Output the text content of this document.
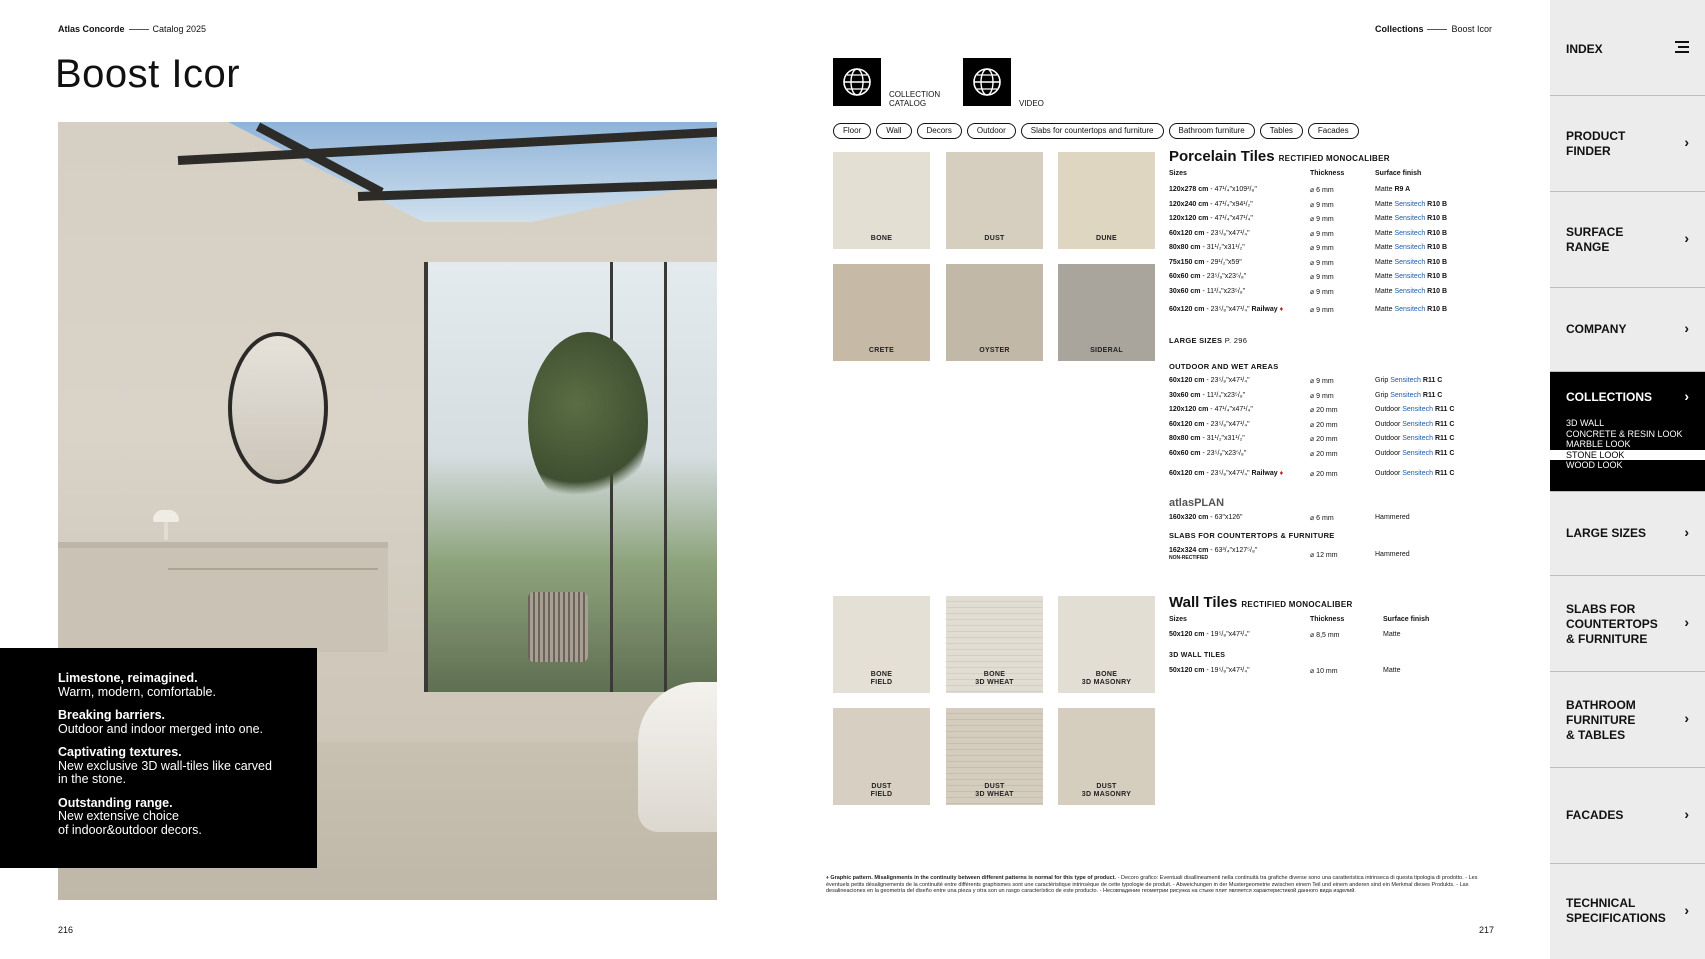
Atlas Concorde	Catalog 2025
Boost Icor
Limestone, reimagined.
Warm, modern, comfortable.
Breaking barriers.
Outdoor and indoor merged into one.
Captivating textures.
New exclusive 3D wall-tiles like carved
in the stone.
Outstanding range.
New extensive choice
of indoor&outdoor decors.
216
Collections	Boost Icor
COLLECTION
CATALOG	VIDEO
Floor	Wall	Decors	Outdoor	Slabs for countertops and furniture	Bathroom furniture	Tables	Facades
BONE	DUST	DUNE
CRETE	OYSTER	SIDERAL
BONE
FIELD
BONE
3D WHEAT
BONE
3D MASONRY
DUST
FIELD
DUST
3D WHEAT
DUST
3D MASONRY
Porcelain Tiles RECTIFIED MONOCALIBER
Sizes	Thickness	Surface finish
120x278 cm - 47¹/₄"x109³/₈"	⌀ 6 mm	Matte R9 A
120x240 cm - 47¹/₄"x94¹/₂"	⌀ 9 mm	Matte Sensitech R10 B
120x120 cm - 47¹/₄"x47¹/₄"	⌀ 9 mm	Matte Sensitech R10 B
60x120 cm - 23⁵/₈"x47¹/₄"	⌀ 9 mm	Matte Sensitech R10 B
80x80 cm - 31¹/₂"x31¹/₂"	⌀ 9 mm	Matte Sensitech R10 B
75x150 cm - 29¹/₂"x59"	⌀ 9 mm	Matte Sensitech R10 B
60x60 cm - 23⁵/₈"x23⁵/₈"	⌀ 9 mm	Matte Sensitech R10 B
30x60 cm - 11³/₄"x23⁵/₈"	⌀ 9 mm	Matte Sensitech R10 B
60x120 cm - 23⁵/₈"x47¹/₄" Railway ♦	⌀ 9 mm	Matte Sensitech R10 B
LARGE SIZES P. 296
OUTDOOR AND WET AREAS
60x120 cm - 23⁵/₈"x47¹/₄"	⌀ 9 mm	Grip Sensitech R11 C
30x60 cm - 11³/₄"x23⁵/₈"	⌀ 9 mm	Grip Sensitech R11 C
120x120 cm - 47¹/₄"x47¹/₄"	⌀ 20 mm	Outdoor Sensitech R11 C
60x120 cm - 23⁵/₈"x47¹/₄"	⌀ 20 mm	Outdoor Sensitech R11 C
80x80 cm - 31¹/₂"x31¹/₂"	⌀ 20 mm	Outdoor Sensitech R11 C
60x60 cm - 23⁵/₈"x23⁵/₈"	⌀ 20 mm	Outdoor Sensitech R11 C
60x120 cm - 23⁵/₈"x47¹/₄" Railway ♦	⌀ 20 mm	Outdoor Sensitech R11 C
atlasPLAN
160x320 cm - 63"x126"	⌀ 6 mm	Hammered
SLABS FOR COUNTERTOPS & FURNITURE
162x324 cm - 63³/₄"x127⁵/₈"
NON-RECTIFIED	⌀ 12 mm	Hammered
Wall Tiles RECTIFIED MONOCALIBER
Sizes	Thickness	Surface finish
50x120 cm - 19⁵/₈"x47¹/₄"	⌀ 8,5 mm	Matte
3D WALL TILES
50x120 cm - 19⁵/₈"x47¹/₄"	⌀ 10 mm	Matte
♦ Graphic pattern. Misalignments in the continuity between different patterns is normal for this type of product. - Decoro grafico: Eventuali disallineamenti nella continuità tra grafiche diverse sono una caratteristica intrinseca di questa tipologia di prodotto. - Les éventuels petits désalignements de la continuité entre différents graphismes sont une caractéristique intrinsèque de cette typologie de produit. - Abweichungen in der Mustergeometrie zwischen einem Teil und einem anderen sind ein Merkmal dieses Produkts. - Las desalineaciones en la geometría del diseño entre una pieza y otra son un rasgo característico de este producto. - Несовпадение геометрии рисунка на стыке плит является характеристикой данного вида изделий.
217
INDEX
PRODUCT
FINDER
›
SURFACE
RANGE
›
COMPANY	›
COLLECTIONS ›
3D WALL
CONCRETE & RESIN LOOK
MARBLE LOOK
STONE LOOK
WOOD LOOK
LARGE SIZES	›
SLABS FOR
COUNTERTOPS
& FURNITURE
›
BATHROOM
FURNITURE
& TABLES
›
FACADES	›
TECHNICAL
SPECIFICATIONS ›
